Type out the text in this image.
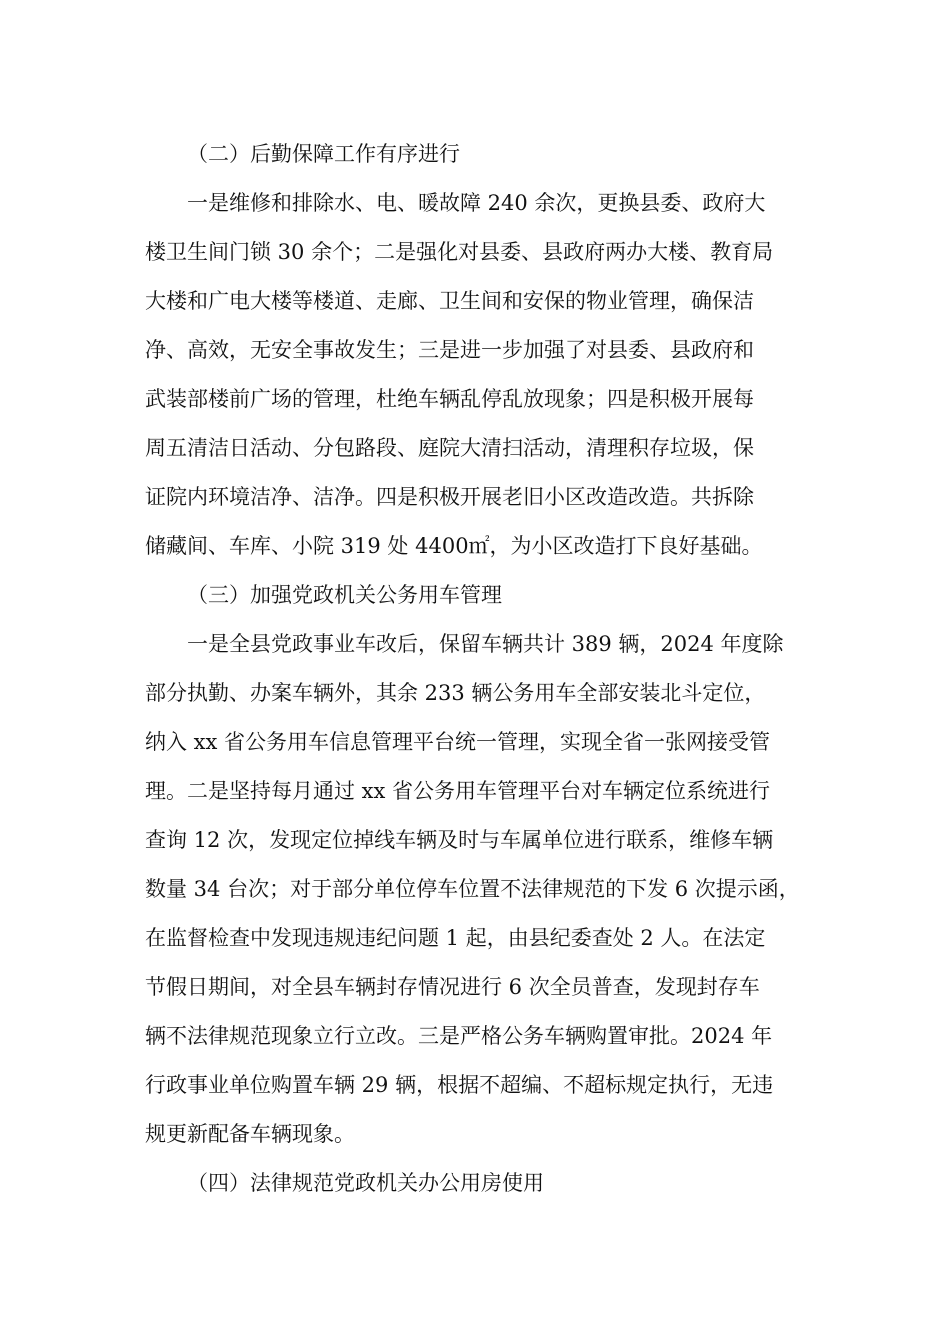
（二）后勤保障工作有序进行
一是维修和排除水、电、暖故障 240 余次，更换县委、政府大
楼卫生间门锁 30 余个；二是强化对县委、县政府两办大楼、教育局
大楼和广电大楼等楼道、走廊、卫生间和安保的物业管理，确保洁
净、高效，无安全事故发生；三是进一步加强了对县委、县政府和
武装部楼前广场的管理，杜绝车辆乱停乱放现象；四是积极开展每
周五清洁日活动、分包路段、庭院大清扫活动，清理积存垃圾，保
证院内环境洁净、洁净。四是积极开展老旧小区改造改造。共拆除
储藏间、车库、小院 319 处 4400㎡，为小区改造打下良好基础。
（三）加强党政机关公务用车管理
一是全县党政事业车改后，保留车辆共计 389 辆，2024 年度除
部分执勤、办案车辆外，其余 233 辆公务用车全部安装北斗定位，
纳入 xx 省公务用车信息管理平台统一管理，实现全省一张网接受管
理。二是坚持每月通过 xx 省公务用车管理平台对车辆定位系统进行
查询 12 次，发现定位掉线车辆及时与车属单位进行联系，维修车辆
数量 34 台次；对于部分单位停车位置不法律规范的下发 6 次提示函，
在监督检查中发现违规违纪问题 1 起，由县纪委查处 2 人。在法定
节假日期间，对全县车辆封存情况进行 6 次全员普查，发现封存车
辆不法律规范现象立行立改。三是严格公务车辆购置审批。2024 年
行政事业单位购置车辆 29 辆，根据不超编、不超标规定执行，无违
规更新配备车辆现象。
（四）法律规范党政机关办公用房使用
